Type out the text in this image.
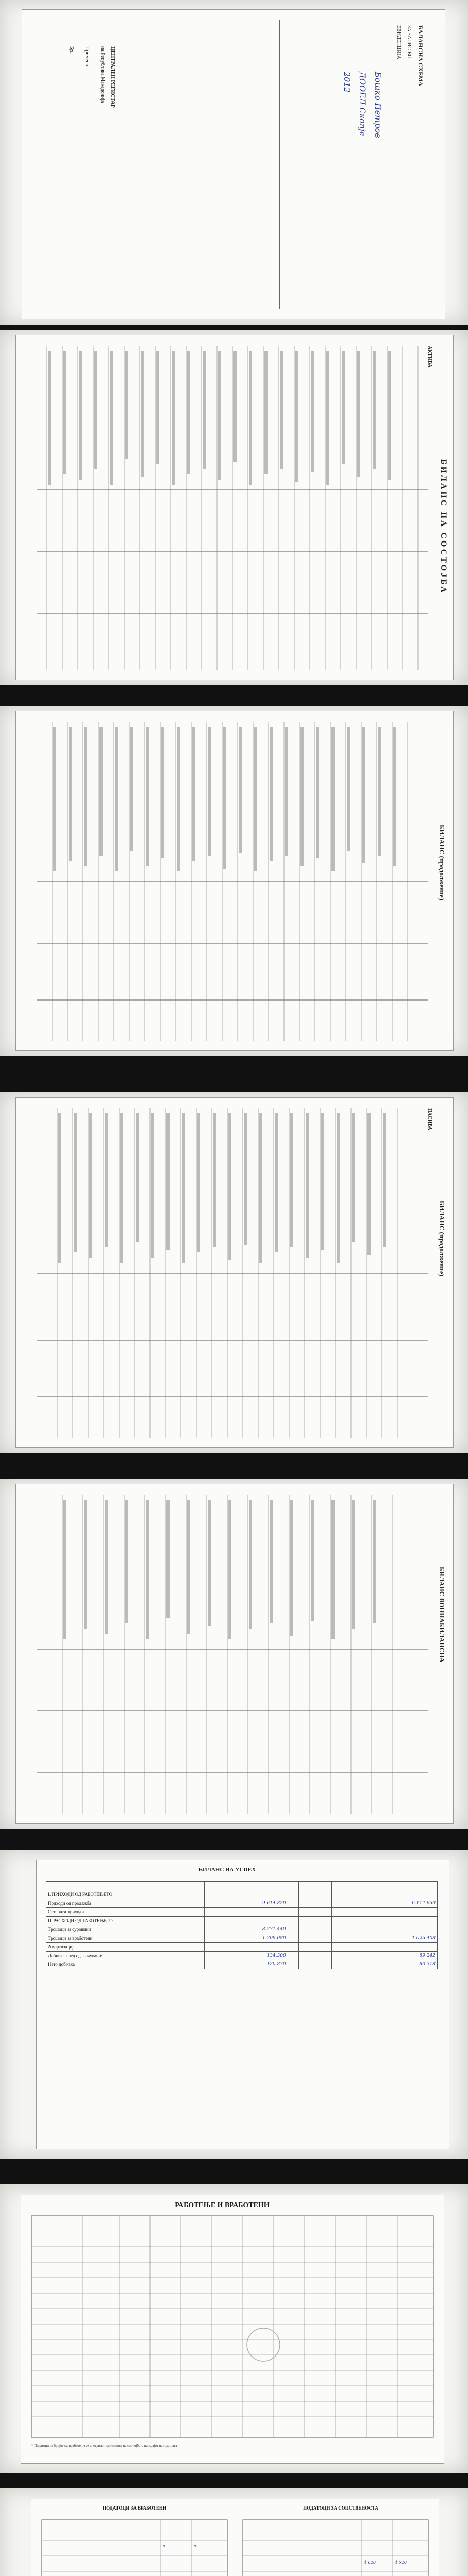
БАЛАНСНА СХЕМА
ЗА ЗАПИС ВО
ЕВИДЕНЦИЈА
Бошко Петров
ДООЕЛ Скопје
2012
ЦЕНТРАЛЕН РЕГИСТАР
на Република Македонија
Примено:
Бр.:
БИЛАНС НА СОСТОЈБА
АКТИВА
БИЛАНС (продолжение)
БИЛАНС (продолжение)
ПАСИВА
БИЛАНС ВОННАБИЛАНСНА
БИЛАНС НА УСПЕХ

I. ПРИХОДИ ОД РАБОТЕЊЕТО								
Приходи од продажба	9.614.820							6.114.650
Останати приходи								
II. РАСХОДИ ОД РАБОТЕЊЕТО								
Трошоци за суровини	8.271.440							
Трошоци за вработени	1.209.080							1.025.408
Амортизација								
Добивка пред оданочување	134.300							89.242
Нето добивка	120.870							80.318
РАБОТЕЊЕ И ВРАБОТЕНИ
* Податоци за бројот на вработени се внесуваат врз основа на состојбата на крајот на годината
ПОДАТОЦИ ЗА ВРАБОТЕНИ	ПОДАТОЦИ ЗА СОПСТВЕНОСТА
7	7
4.620	4.620
